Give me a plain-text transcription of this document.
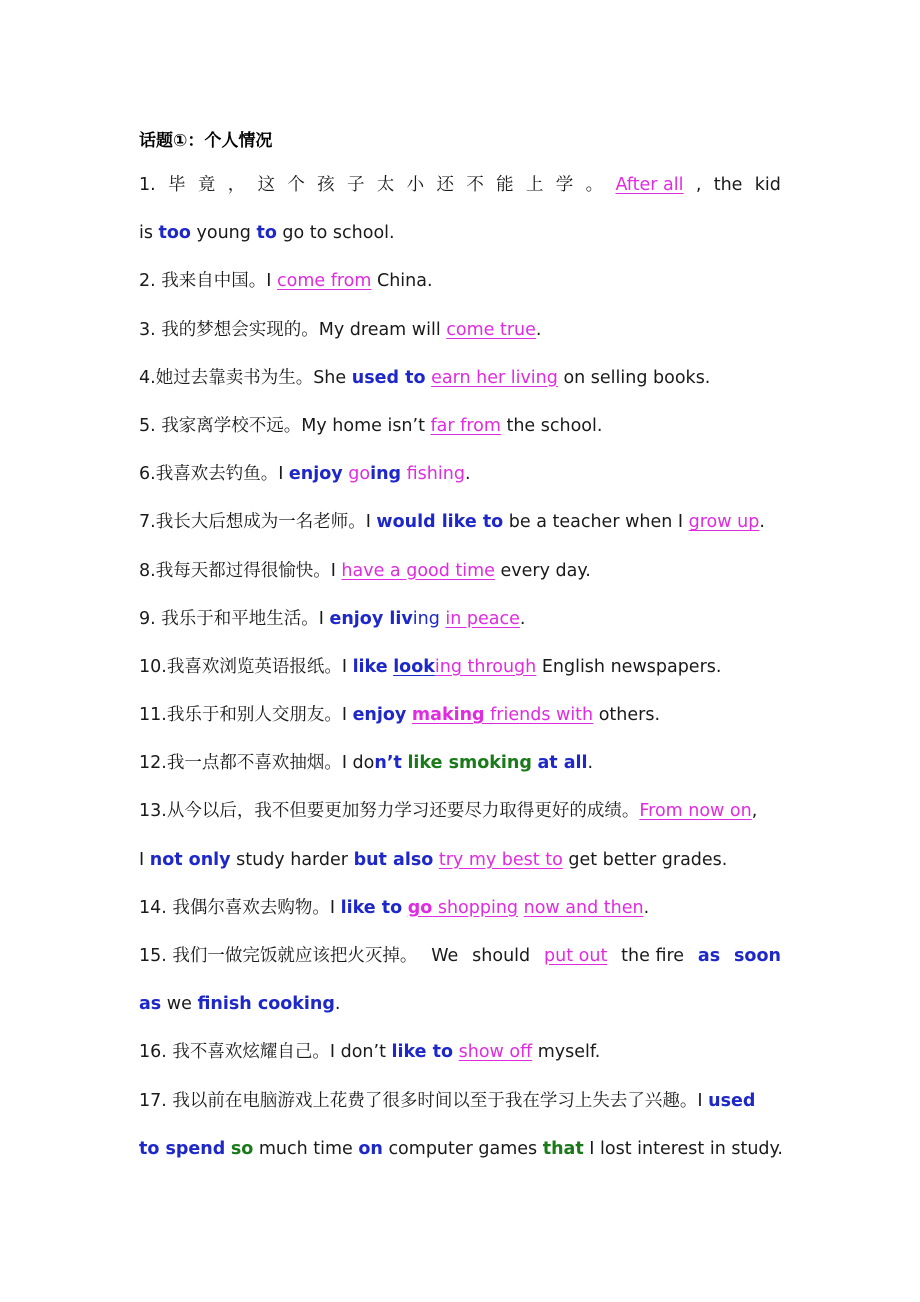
话题①：个人情况
1. 毕 竟 ， 这 个 孩 子 太 小 还 不 能 上 学 。 After all , the kid
is too young to go to school.
2. 我来自中国。I come from China.
3. 我的梦想会实现的。My dream will come true.
4.她过去靠卖书为生。She used to earn her living on selling books.
5. 我家离学校不远。My home isn’t far from the school.
6.我喜欢去钓鱼。I enjoy going fishing.
7.我长大后想成为一名老师。I would like to be a teacher when I grow up.
8.我每天都过得很愉快。I have a good time every day.
9. 我乐于和平地生活。I enjoy living in peace.
10.我喜欢浏览英语报纸。I like looking through English newspapers.
11.我乐于和别人交朋友。I enjoy making friends with others.
12.我一点都不喜欢抽烟。I don’t like smoking at all.
13.从今以后，我不但要更加努力学习还要尽力取得更好的成绩。From now on,
I not only study harder but also try my best to get better grades.
14. 我偶尔喜欢去购物。I like to go shopping now and then.
15. 我们一做完饭就应该把火灭掉。 We should put out the fire as soon
as we finish cooking.
16. 我不喜欢炫耀自己。I don’t like to show off myself.
17. 我以前在电脑游戏上花费了很多时间以至于我在学习上失去了兴趣。I used
to spend so much time on computer games that I lost interest in study.
